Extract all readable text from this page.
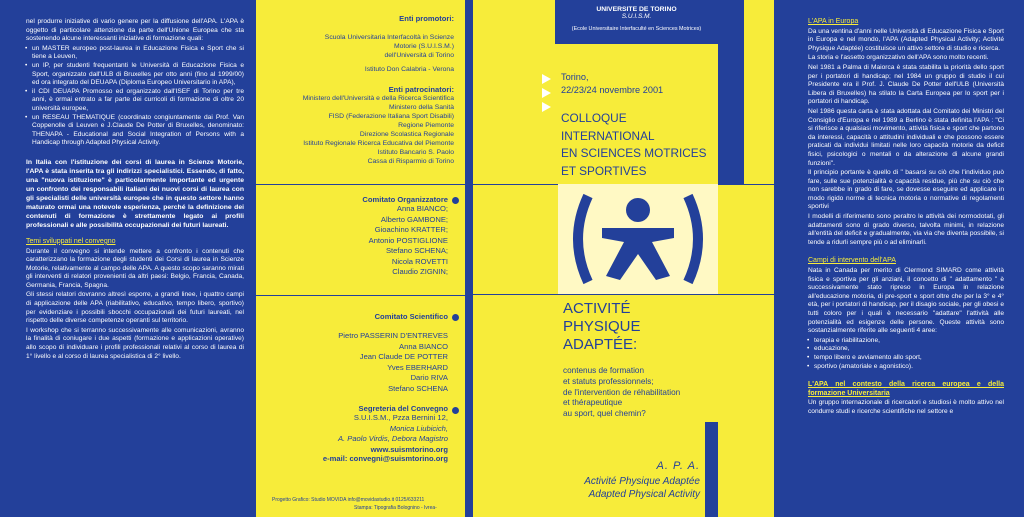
nel produrre iniziative di vario genere per la diffusione dell'APA. L'APA è oggetto di particolare attenzione da parte dell'Unione Europea che sta sostenendo alcune interessanti iniziative di formazione quali:

• un MASTER europeo post-laurea in Educazione Fisica e Sport che si tiene a Leuven,
• un IP, per studenti frequentanti le Università di Educazione Fisica e Sport, organizzato dall'ULB di Bruxelles per otto anni (fino al 1999/00) ed ora integrato del DEUAPA (Diploma Europeo Universitario in APA),
• il CDI DEUAPA Promosso ed organizzato dall'ISEF di Torino per tre anni, è ormai entrato a far parte dei curricoli di formazione di oltre 20 università europee,
• un RESEAU THEMATIQUE (coordinato congiuntamente dai Prof. Van Coppenolle di Leuven e J.Claude De Potter di Bruxelles, denominato: THENAPA - Educational and Social Integration of Persons with a Handicap through Adapted Physical Activity.

In Italia con l'istituzione dei corsi di laurea in Scienze Motorie, l'APA è stata inserita tra gli indirizzi specialistici. Essendo, di fatto, una "nuova istituzione" è particolarmente importante ed urgente un confronto dei responsabili italiani dei nuovi corsi di laurea con gli specialisti delle università europee che in questo settore hanno maturato ormai una notevole esperienza, perché la definizione dei contenuti di formazione è strettamente legato ai profili professionali e alle possibilità occupazionali dei futuri laureati.

Temi sviluppati nel convegno

Durante il convegno si intende mettere a confronto i contenuti che caratterizzano la formazione degli studenti dei Corsi di laurea in Scienze Motorie, relativamente al campo delle APA. A questo scopo saranno mirati gli interventi di relatori provenienti da altri paesi: Belgio, Francia, Canada, Germania, Francia, Spagna.

Gli stessi relatori dovranno altresì esporre, a grandi linee, i quattro campi di applicazione delle APA (riabilitativo, educativo, tempo libero, sportivo) per evidenziare i possibili sbocchi occupazionali dei futuri laureati, nel rispetto delle diverse competenze operanti sul territorio.

I workshop che si terranno successivamente alle comunicazioni, avranno la finalità di coniugare i due aspetti (formazione e applicazioni operative) allo scopo di individuare i profili professionali relativi al corso di laurea di 1° livello e al corso di laurea specialistica di 2° livello.

Enti promotori:
Scuola Universitaria Interfacoltà in Scienze
Motorie (S.U.I.S.M.)
dell'Università di Torino
Istituto Don Calabria - Verona
Enti patrocinatori:
Ministero dell'Università e della Ricerca Scientifica
Ministero della Sanità
FISD (Federazione Italiana Sport Disabili)
Regione Piemonte
Direzione Scolastica Regionale
Istituto Regionale Ricerca Educativa del Piemonte
Istituto Bancario S. Paolo
Cassa di Risparmio di Torino
Comitato Organizzatore
Anna BIANCO;
Alberto GAMBONE;
Gioachino KRATTER;
Antonio POSTIGLIONE
Stefano SCHENA;
Nicola ROVETTI
Claudio ZIGNIN;
Comitato Scientifico
Pietro PASSERIN D'ENTREVES
Anna BIANCO
Jean Claude DE POTTER
Yves EBERHARD
Dario RIVA
Stefano SCHENA
Segreteria del Convegno
S.U.I.S.M., Pzza Bernini 12,
Monica Liubicich,
A. Paolo Virdis, Debora Magistro
www.suismtorino.org
e-mail: convegni@suismtorino.org
Progetto Grafico: Studio MOVIDA info@movidastudio.it 0125/633211
Stampa: Tipografia Bolognino - Ivrea-
UNIVERSITE DE TORINO
S.U.I.S.M.
(Ecole Universitaire Interfaculté en Sciences Motrices)
Torino,
22/23/24 novembre 2001
COLLOQUE
INTERNATIONAL
EN SCIENCES MOTRICES
ET SPORTIVES
ACTIVITÉ
PHYSIQUE
ADAPTÉE:
contenus de formation
et statuts professionnels;
de l'intervention de réhabilitation
et thérapeutique
au sport, quel chemin?
A. P. A.
Activité Physique Adaptée
Adapted Physical Activity
L'APA in Europa

Da una ventina d'anni nelle Università di Educazione Fisica e Sport in Europa e nel mondo, l'APA (Adapted Physical Activity; Activité Physique Adaptée) costituisce un attivo settore di studio e ricerca.

La storia e l'assetto organizzativo dell'APA sono molto recenti.

Nel 1981 a Palma di Maiorca è stata stabilita la priorità dello sport per i portatori di handicap; nel 1984 un gruppo di studio il cui Presidente era il Prof. J. Claude De Potter dell'ULB (Università Libera di Bruxelles) ha stilato la Carta Europea per lo sport per i portatori di handicap.

Nel 1986 questa carta è stata adottata dal Comitato dei Ministri del Consiglio d'Europa e nel 1989 a Berlino è stata definita l'APA : "Ci si riferisce a qualsiasi movimento, attività fisica e sport che partono da interessi, capacità o attitudini individuali e che possono essere praticati da individui limitati nelle loro capacità motorie da deficit fisici, psicologici o mentali o da alterazione di alcune grandi funzioni".

Il principio portante è quello di " basarsi su ciò che l'individuo può fare, sulle sue potenzialità e capacità residue, più che su ciò che non sarebbe in grado di fare, se dovesse eseguire ed applicare in modo rigido norme di tecnica motoria o normative di regolamenti sportivi

I modelli di riferimento sono peraltro le attività dei normodotati, gli adattamenti sono di grado diverso, talvolta minimi, in relazione all'entità del deficit e gradualmente, via via che diventa possibile, si tende a ridurli sempre più o ad eliminarli.

Campi di intervento dell'APA

Nata in Canada per merito di Clermond SIMARD come attività fisica e sportiva per gli anziani, il concetto di " adattamento " è successivamente stato ripreso in Europa in relazione all'educazione motoria, di pre-sport e sport oltre che per la 3° e 4° età, per i portatori di handicap, per il disagio sociale, per gli obesi e tutti coloro per i quali è necessario "adattare" l'attività alle potenzialità ed esigenze delle persone. Queste attività sono sostanzialmente riferite alle seguenti 4 aree:

• terapia e riabilitazione,
• educazione,
• tempo libero e avviamento allo sport,
• sportivo (amatoriale e agonistico).
L'APA nel contesto della ricerca europea e della formazione Universitaria

Un gruppo internazionale di ricercatori e studiosi è molto attivo nel condurre studi e ricerche scientifiche nel settore e
